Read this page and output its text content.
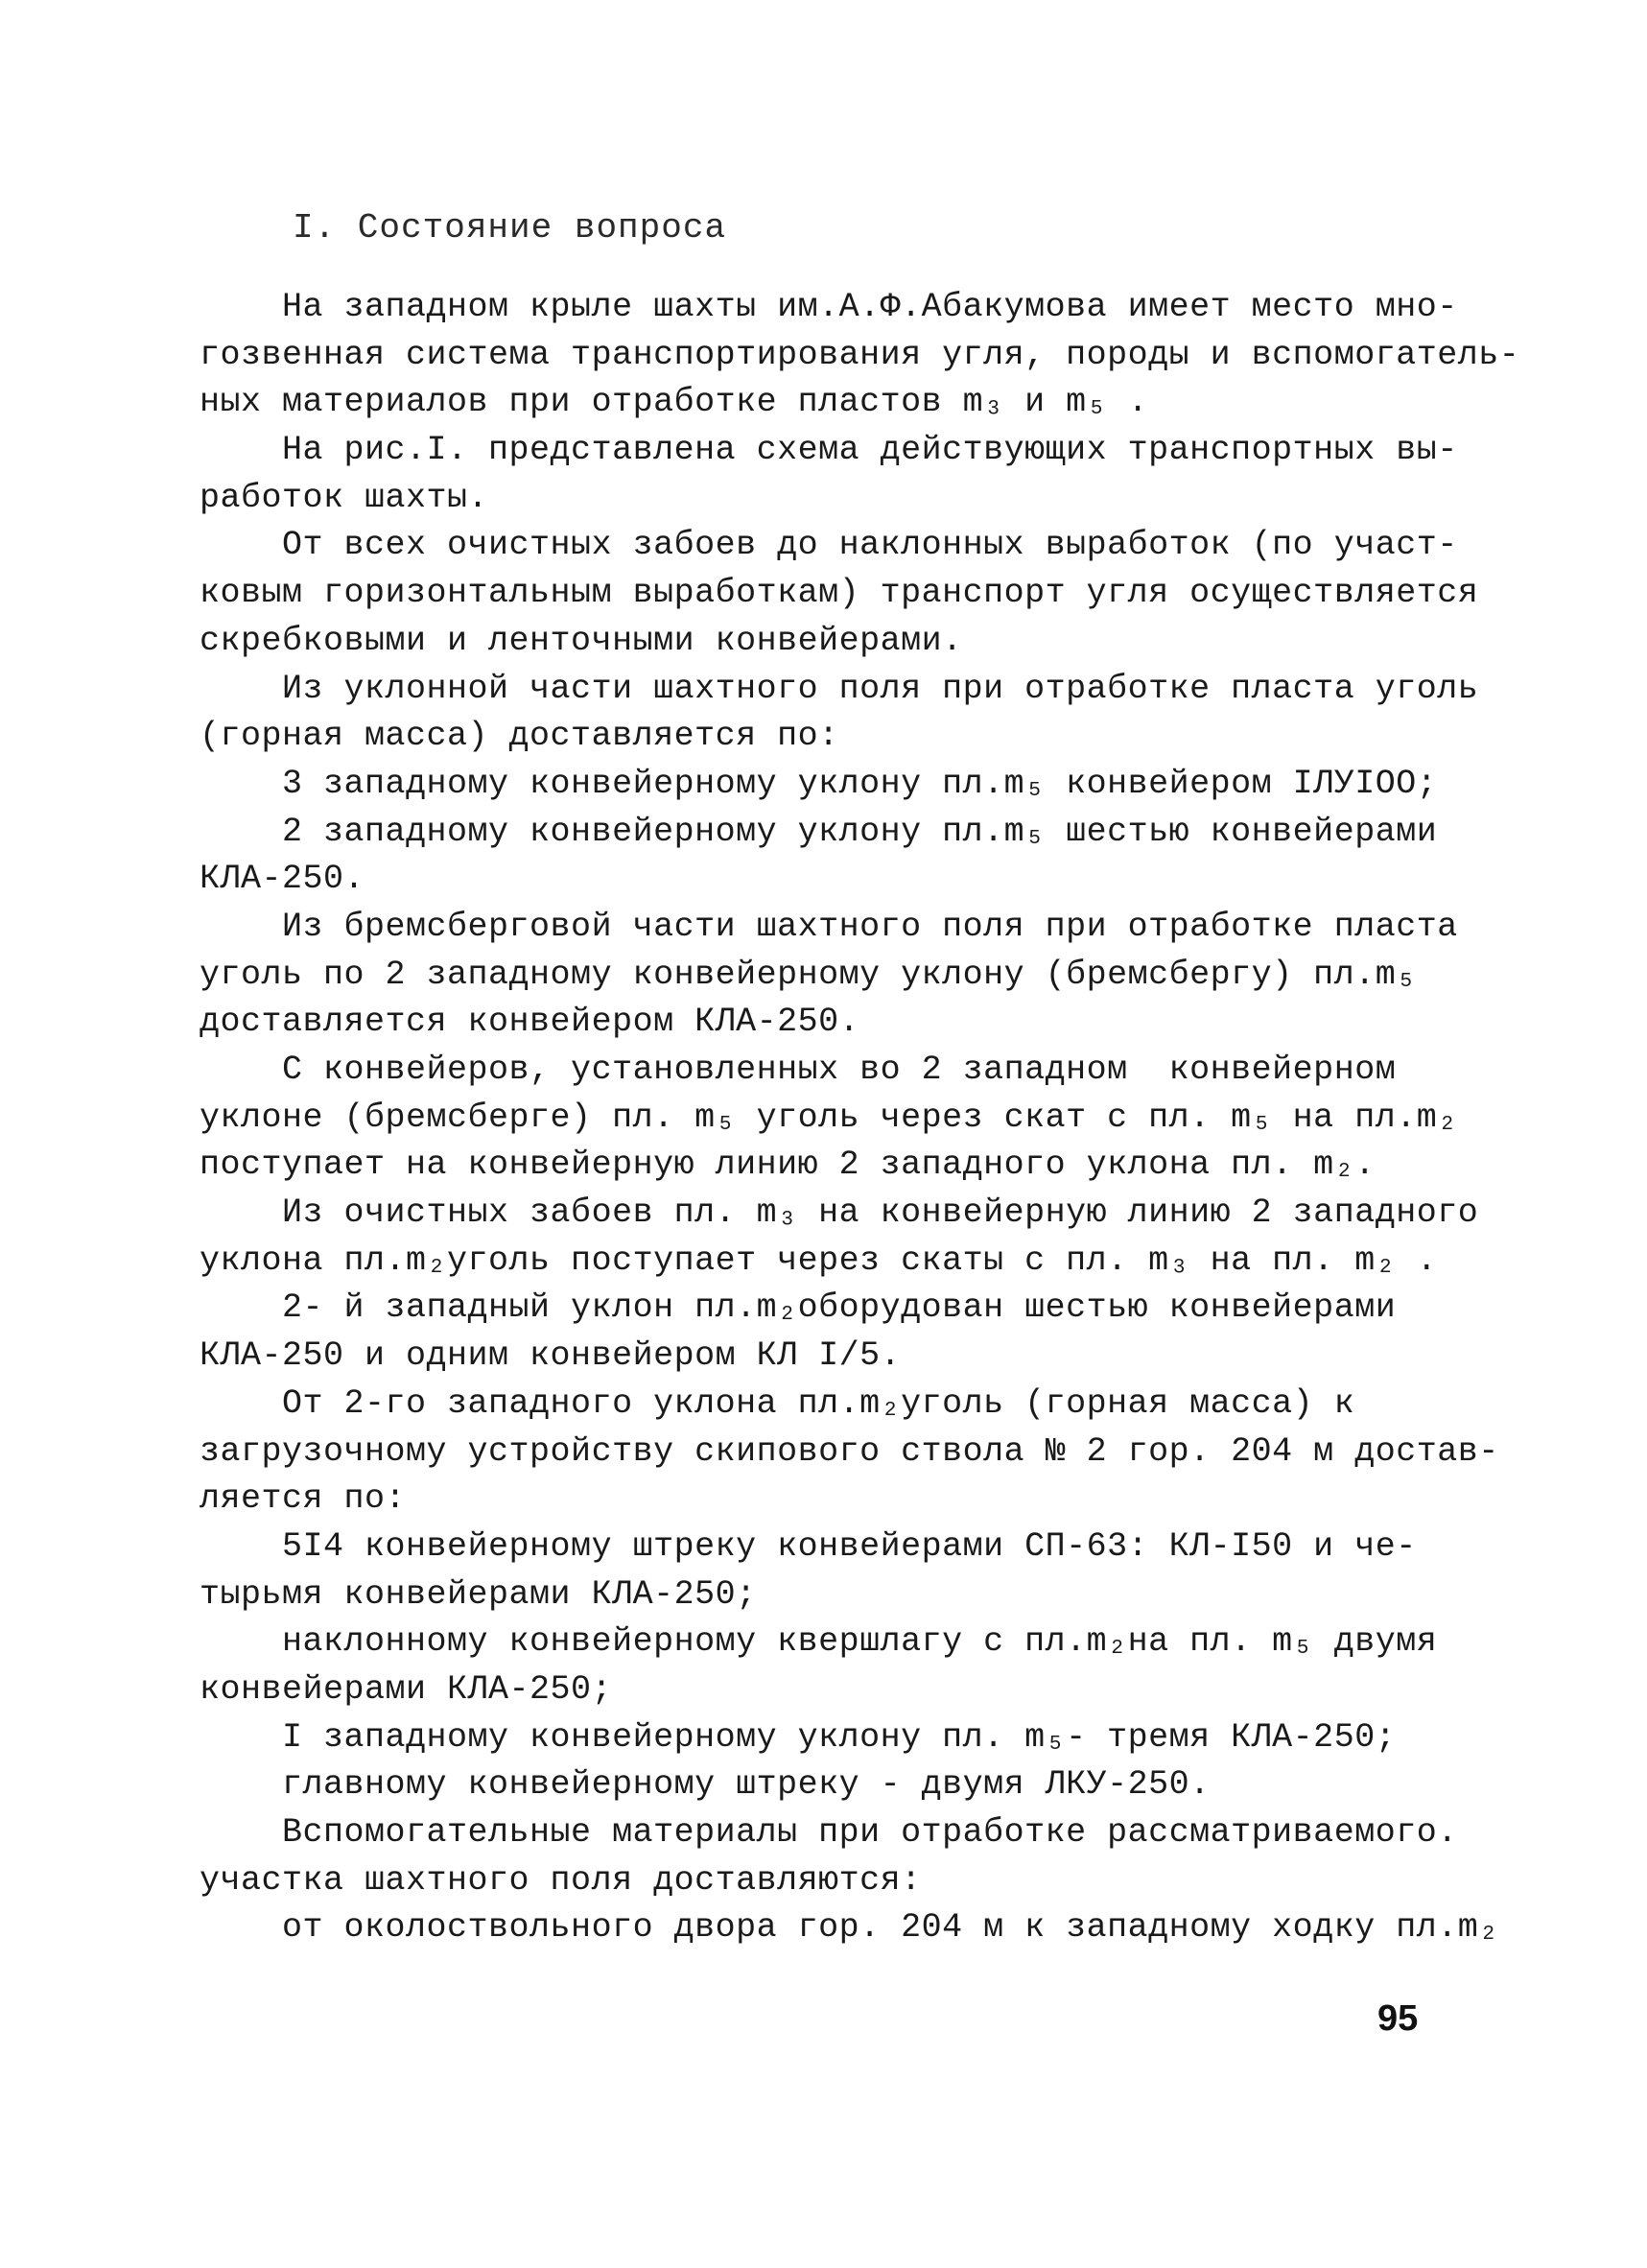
I. Состояние вопроса
На западном крыле шахты им.А.Ф.Абакумова имеет место мно-
гозвенная система транспортирования угля, породы и вспомогатель-
ных материалов при отработке пластов m₃ и m₅ .
На рис.I. представлена схема действующих транспортных вы-
работок шахты.
От всех очистных забоев до наклонных выработок (по участ-
ковым горизонтальным выработкам) транспорт угля осуществляется
скребковыми и ленточными конвейерами.
Из уклонной части шахтного поля при отработке пласта уголь
(горная масса) доставляется по:
3 западному конвейерному уклону пл.m₅ конвейером IЛУIОО;
2 западному конвейерному уклону пл.m₅ шестью конвейерами
КЛА-250.
Из бремсберговой части шахтного поля при отработке пласта
уголь по 2 западному конвейерному уклону (бремсбергу) пл.m₅
доставляется конвейером КЛА-250.
С конвейеров, установленных во 2 западном  конвейерном
уклоне (бремсберге) пл. m₅ уголь через скат с пл. m₅ на пл.m₂
поступает на конвейерную линию 2 западного уклона пл. m₂.
Из очистных забоев пл. m₃ на конвейерную линию 2 западного
уклона пл.m₂уголь поступает через скаты с пл. m₃ на пл. m₂ .
2- й западный уклон пл.m₂оборудован шестью конвейерами
КЛА-250 и одним конвейером КЛ I/5.
От 2-го западного уклона пл.m₂уголь (горная масса) к
загрузочному устройству скипового ствола № 2 гор. 204 м достав-
ляется по:
5I4 конвейерному штреку конвейерами СП-63: КЛ-I50 и че-
тырьмя конвейерами КЛА-250;
наклонному конвейерному квершлагу с пл.m₂на пл. m₅ двумя
конвейерами КЛА-250;
I западному конвейерному уклону пл. m₅- тремя КЛА-250;
главному конвейерному штреку - двумя ЛКУ-250.
Вспомогательные материалы при отработке рассматриваемого.
участка шахтного поля доставляются:
от околоствольного двора гор. 204 м к западному ходку пл.m₂
95
